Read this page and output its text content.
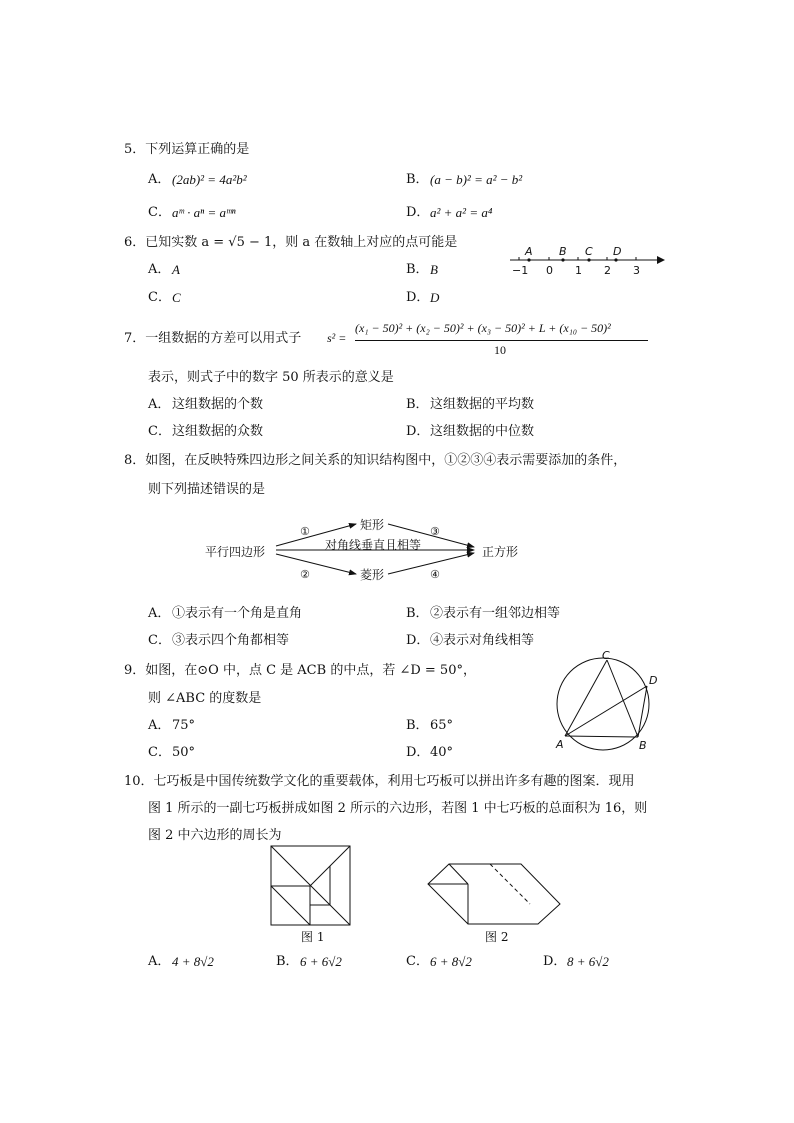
5．下列运算正确的是
A． (2ab)² = 4a²b²	B． (a − b)² = a² − b²
C． aᵐ · aⁿ = aᵐⁿ	D． a² + a² = a⁴
6．已知实数 a = √5 − 1，则 a 在数轴上对应的点可能是
A． A	B． B
C． C	D． D
A B C D
−1 0 1 2 3
7．一组数据的方差可以用式子 s² =
(x₁ − 50)² + (x₂ − 50)² + (x₃ − 50)² + L + (x₁₀ − 50)²
10
表示，则式子中的数字 50 所表示的意义是
A． 这组数据的个数	B． 这组数据的平均数
C． 这组数据的众数	D． 这组数据的中位数
8．如图，在反映特殊四边形之间关系的知识结构图中，①②③④表示需要添加的条件，
则下列描述错误的是
平行四边形
矩形
菱形
正方形
对角线垂直且相等
①
②
③
④
A． ①表示有一个角是直角	B． ②表示有一组邻边相等
C． ③表示四个角都相等	D． ④表示对角线相等
9．如图，在⊙O 中，点 C 是 ACB 的中点，若 ∠D = 50°，
则 ∠ABC 的度数是
A． 75°	B． 65°
C． 50°	D． 40°
C
D
A	B
10．七巧板是中国传统数学文化的重要载体，利用七巧板可以拼出许多有趣的图案．现用
图 1 所示的一副七巧板拼成如图 2 所示的六边形，若图 1 中七巧板的总面积为 16，则
图 2 中六边形的周长为
图 1	图 2
A． 4 + 8√2	B． 6 + 6√2	C． 6 + 8√2	D． 8 + 6√2
